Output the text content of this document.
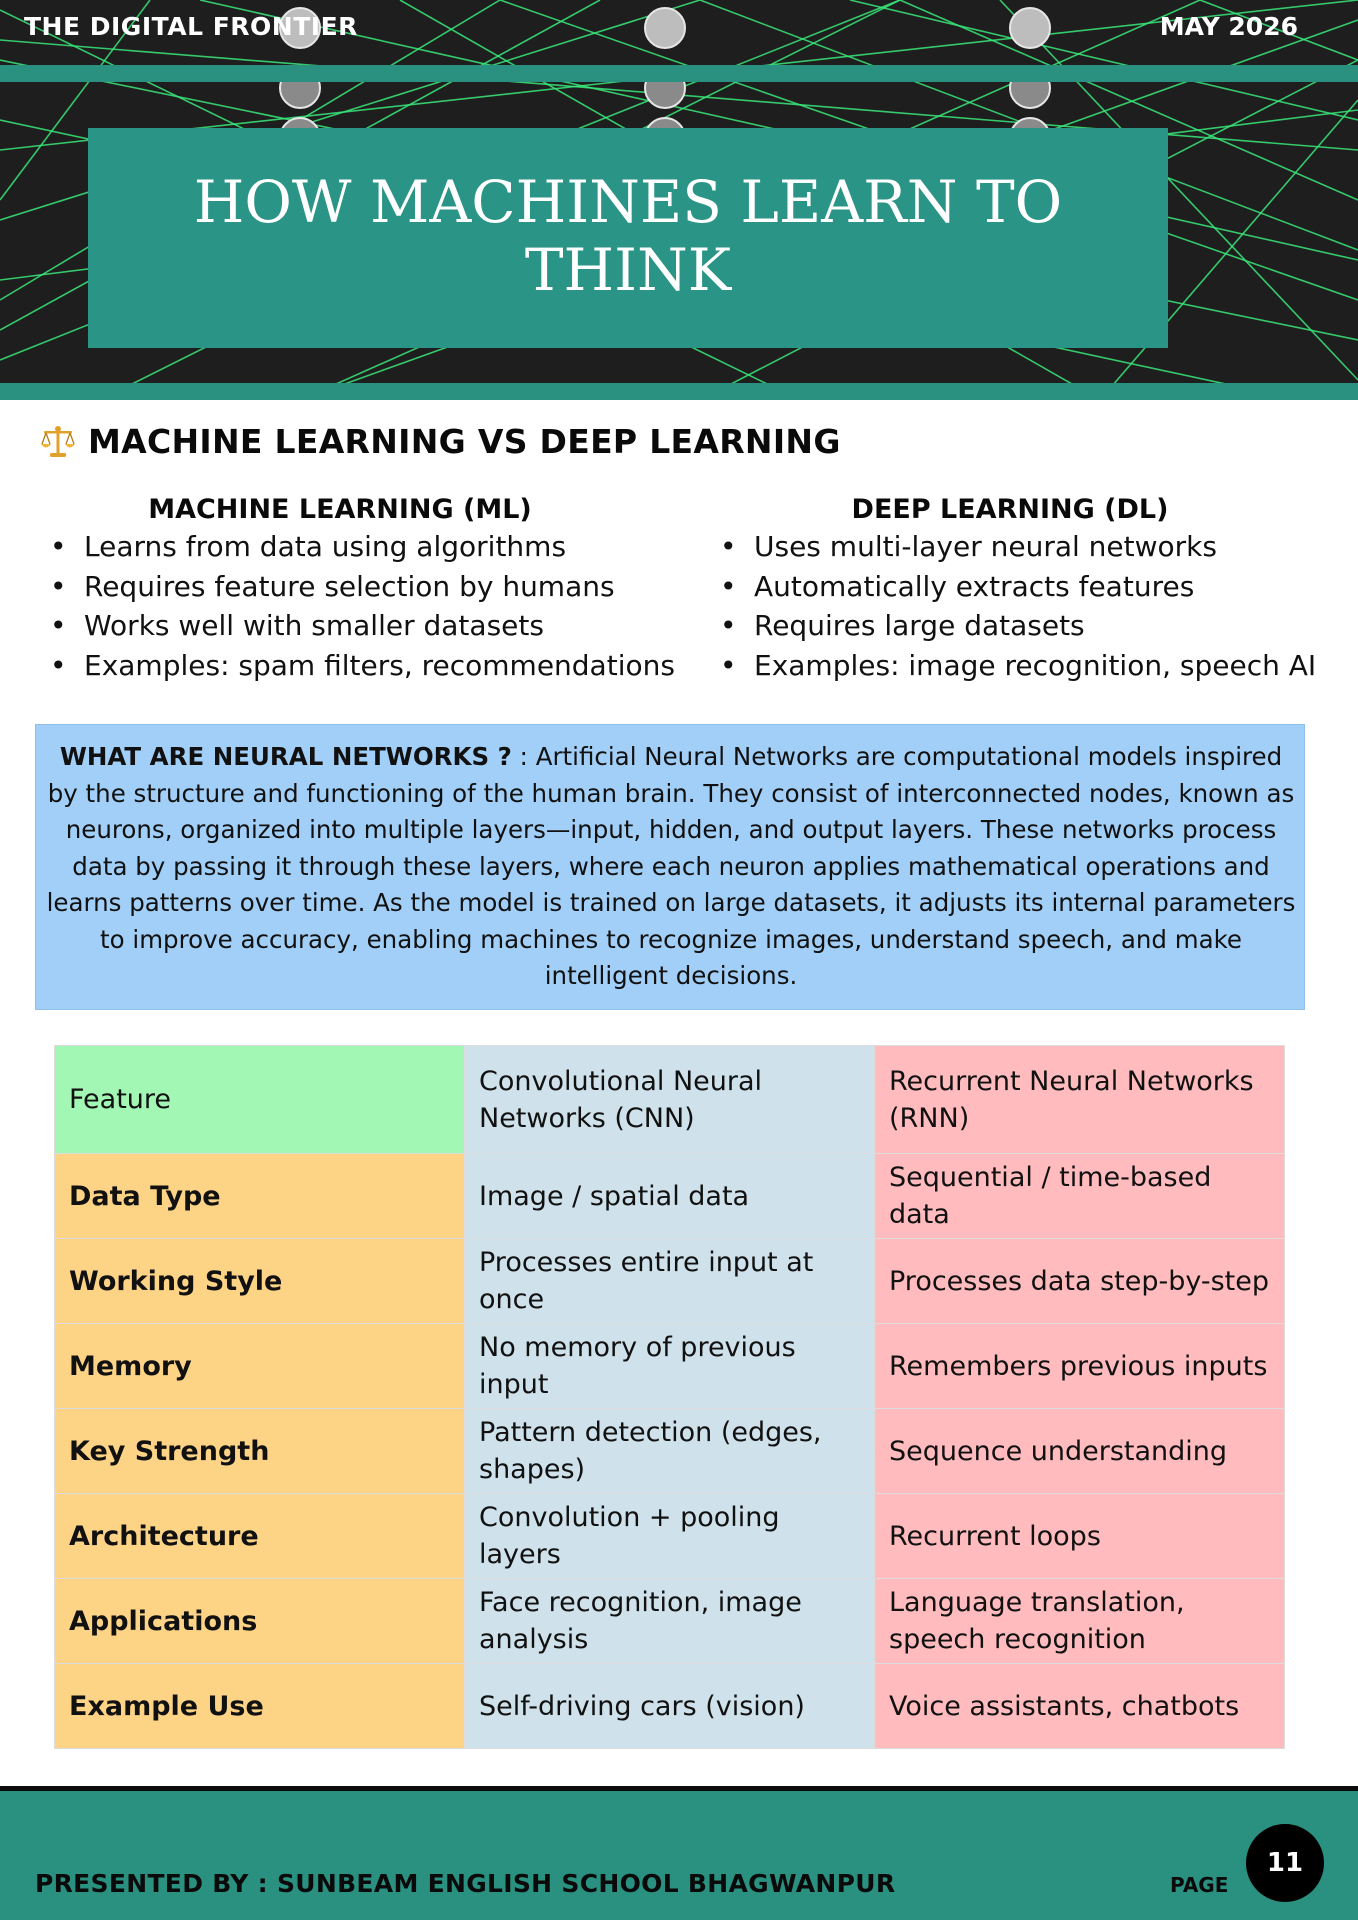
THE DIGITAL FRONTIER	MAY 2026
HOW MACHINES LEARN TO THINK
MACHINE LEARNING VS DEEP LEARNING
MACHINE LEARNING (ML)
• Learns from data using algorithms
• Requires feature selection by humans
• Works well with smaller datasets
• Examples: spam filters, recommendations
DEEP LEARNING (DL)
• Uses multi-layer neural networks
• Automatically extracts features
• Requires large datasets
• Examples: image recognition, speech AI

WHAT ARE NEURAL NETWORKS ? : Artificial Neural Networks are computational models inspired by the structure and functioning of the human brain. They consist of interconnected nodes, known as neurons, organized into multiple layers—input, hidden, and output layers. These networks process data by passing it through these layers, where each neuron applies mathematical operations and learns patterns over time. As the model is trained on large datasets, it adjusts its internal parameters to improve accuracy, enabling machines to recognize images, understand speech, and make intelligent decisions.

Feature	Convolutional Neural Networks (CNN)	Recurrent Neural Networks (RNN)
Data Type	Image / spatial data	Sequential / time-based data
Working Style	Processes entire input at once	Processes data step-by-step
Memory	No memory of previous input	Remembers previous inputs
Key Strength	Pattern detection (edges, shapes)	Sequence understanding
Architecture	Convolution + pooling layers	Recurrent loops
Applications	Face recognition, image analysis	Language translation, speech recognition
Example Use	Self-driving cars (vision)	Voice assistants, chatbots
PRESENTED BY : SUNBEAM ENGLISH SCHOOL BHAGWANPUR	PAGE
11
